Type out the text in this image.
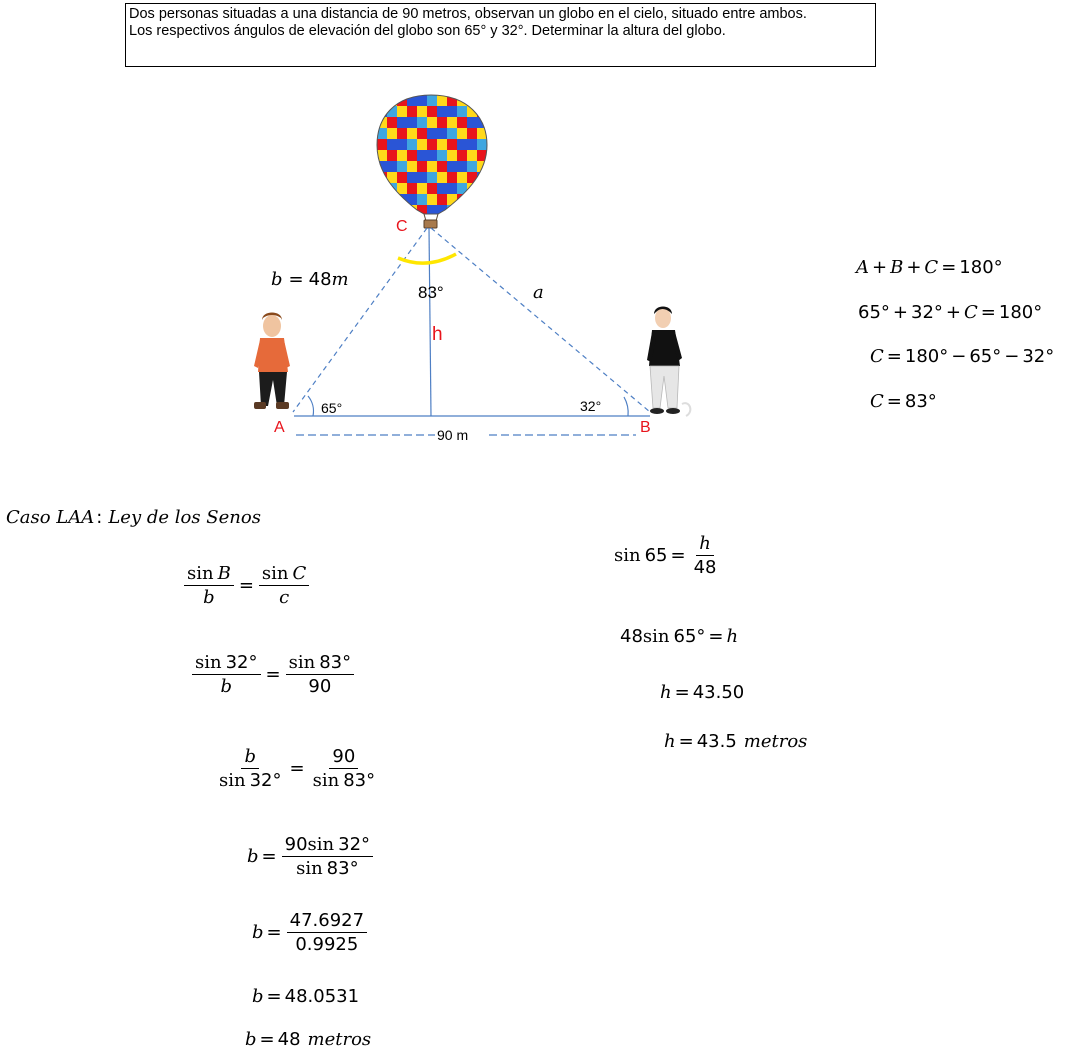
Dos personas situadas a una distancia de 90 metros, observan un globo en el cielo, situado entre ambos.
Los respectivos ángulos de elevación del globo son 65° y 32°. Determinar la altura del globo.
C
A	B
h
83°
65°	32°
90 m
a
b = 48m
A + B + C = 180°
65° + 32° + C = 180°
C = 180° − 65° − 32°
C = 83°
Caso LAA : Ley de los Senos
$\frac{\text{sin B}}{b} = \frac{\text{sin C}}{c}$
$\frac{\sin 32^\circ}{b} = \frac{\sin 83^\circ}{90}$
$\frac{b}{\sin 32^\circ} = \frac{90}{\sin 83^\circ}$
$b = \frac{90\sin 32^\circ}{\sin 83^\circ}$
$b = \frac{47.6927}{0.9925}$
b = 48.0531
b = 48 metros
$\sin 65 = \frac{h}{48}$
48sin 65° = h
h = 43.50
h = 43.5 metros
